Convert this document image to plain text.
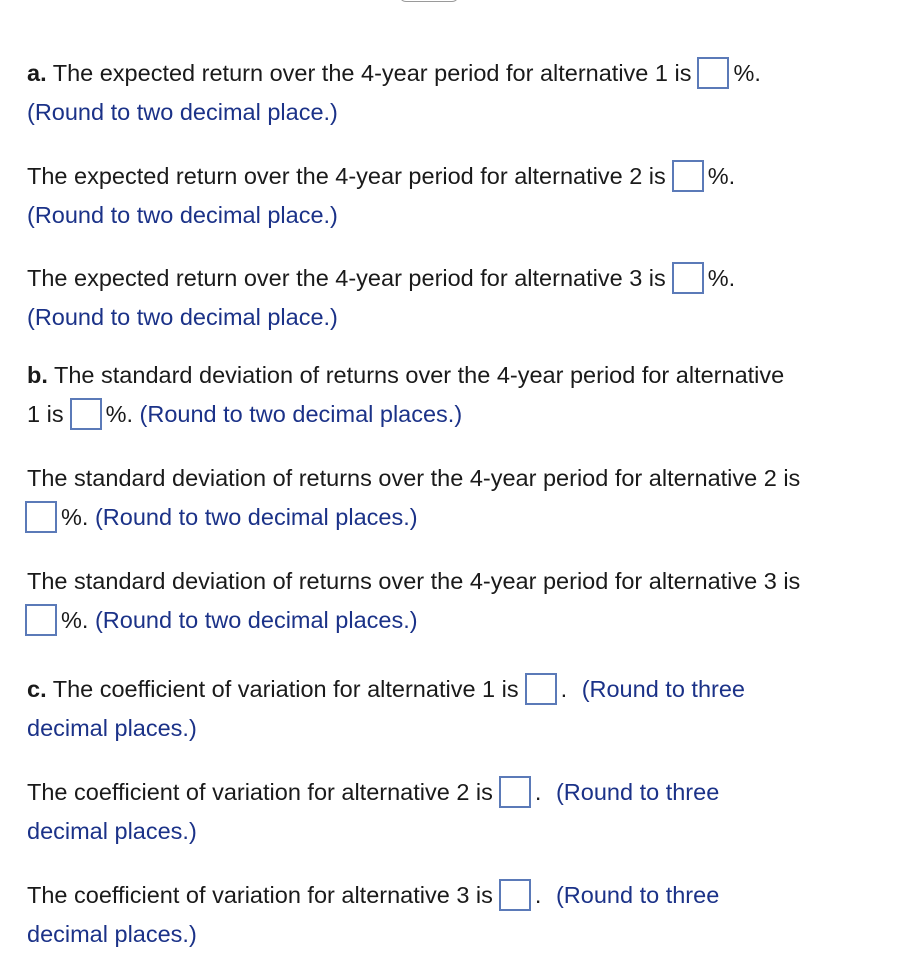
a. The expected return over the 4-year period for alternative 1 is %.
(Round to two decimal place.)
The expected return over the 4-year period for alternative 2 is %.
(Round to two decimal place.)
The expected return over the 4-year period for alternative 3 is %.
(Round to two decimal place.)
b. The standard deviation of returns over the 4-year period for alternative
1 is %. (Round to two decimal places.)
The standard deviation of returns over the 4-year period for alternative 2 is
%. (Round to two decimal places.)
The standard deviation of returns over the 4-year period for alternative 3 is
%. (Round to two decimal places.)
c. The coefficient of variation for alternative 1 is . (Round to three
decimal places.)
The coefficient of variation for alternative 2 is . (Round to three
decimal places.)
The coefficient of variation for alternative 3 is . (Round to three
decimal places.)
